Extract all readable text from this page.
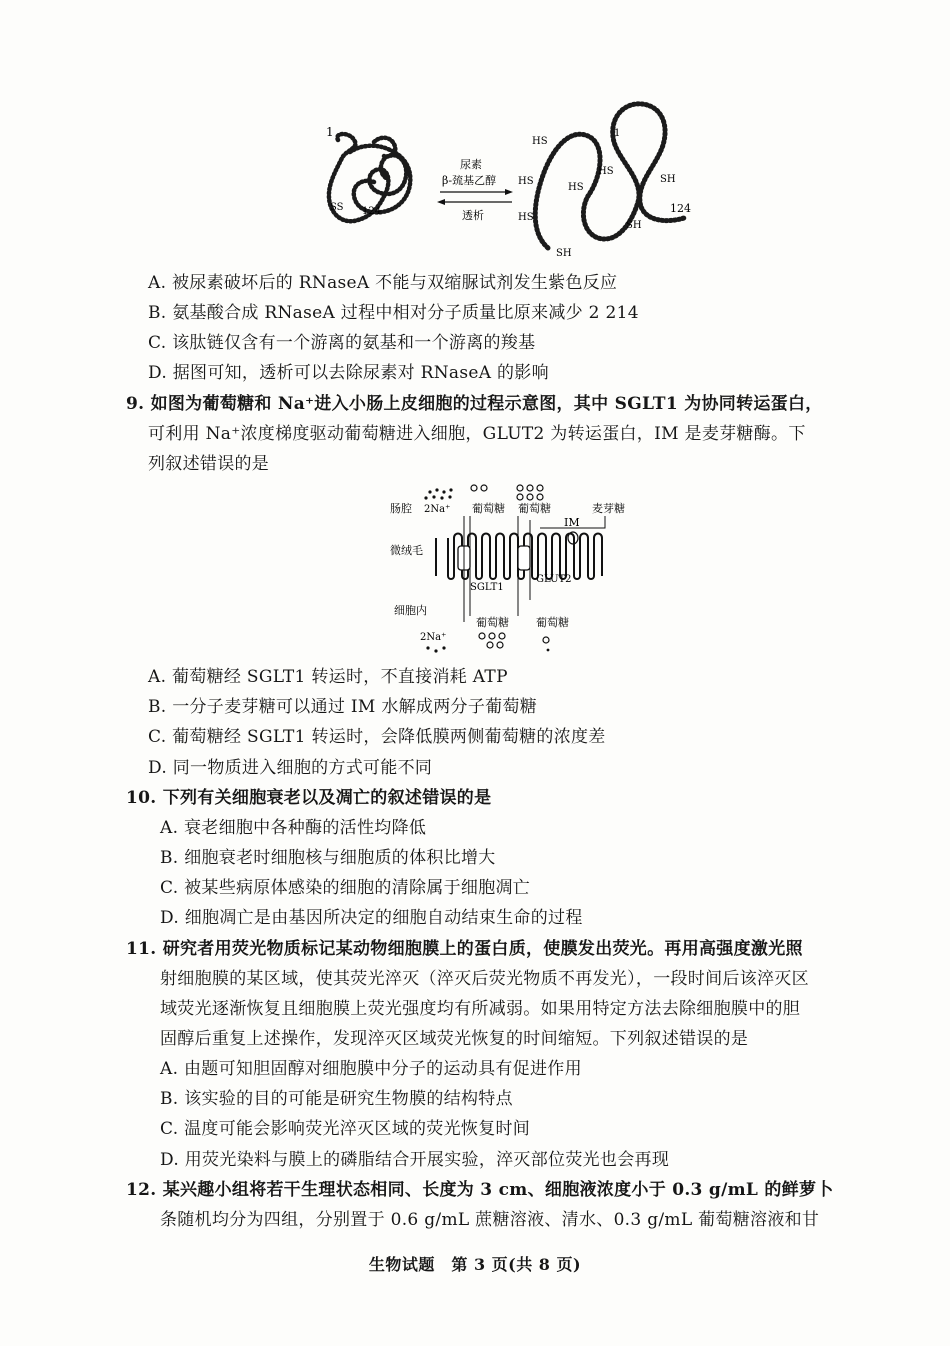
1
SS 124
尿素
β-巯基乙醇
透析
HS
HS
HS
HS
HS
SH
SH
SH
1
124
A. 被尿素破坏后的 RNaseA 不能与双缩脲试剂发生紫色反应
B. 氨基酸合成 RNaseA 过程中相对分子质量比原来减少 2 214
C. 该肽链仅含有一个游离的氨基和一个游离的羧基
D. 据图可知，透析可以去除尿素对 RNaseA 的影响
9. 如图为葡萄糖和 Na⁺进入小肠上皮细胞的过程示意图，其中 SGLT1 为协同转运蛋白，
可利用 Na⁺浓度梯度驱动葡萄糖进入细胞，GLUT2 为转运蛋白，IM 是麦芽糖酶。下
列叙述错误的是
肠腔 2Na⁺ 葡萄糖 葡萄糖	麦芽糖
IM
微绒毛
SGLT1
GLUT2
细胞内
2Na⁺
葡萄糖 葡萄糖
A. 葡萄糖经 SGLT1 转运时，不直接消耗 ATP
B. 一分子麦芽糖可以通过 IM 水解成两分子葡萄糖
C. 葡萄糖经 SGLT1 转运时，会降低膜两侧葡萄糖的浓度差
D. 同一物质进入细胞的方式可能不同
10. 下列有关细胞衰老以及凋亡的叙述错误的是
A. 衰老细胞中各种酶的活性均降低
B. 细胞衰老时细胞核与细胞质的体积比增大
C. 被某些病原体感染的细胞的清除属于细胞凋亡
D. 细胞凋亡是由基因所决定的细胞自动结束生命的过程
11. 研究者用荧光物质标记某动物细胞膜上的蛋白质，使膜发出荧光。再用高强度激光照
射细胞膜的某区域，使其荧光淬灭（淬灭后荧光物质不再发光），一段时间后该淬灭区
域荧光逐渐恢复且细胞膜上荧光强度均有所减弱。如果用特定方法去除细胞膜中的胆
固醇后重复上述操作，发现淬灭区域荧光恢复的时间缩短。下列叙述错误的是
A. 由题可知胆固醇对细胞膜中分子的运动具有促进作用
B. 该实验的目的可能是研究生物膜的结构特点
C. 温度可能会影响荧光淬灭区域的荧光恢复时间
D. 用荧光染料与膜上的磷脂结合开展实验，淬灭部位荧光也会再现
12. 某兴趣小组将若干生理状态相同、长度为 3 cm、细胞液浓度小于 0.3 g/mL 的鲜萝卜
条随机均分为四组，分别置于 0.6 g/mL 蔗糖溶液、清水、0.3 g/mL 葡萄糖溶液和甘
生物试题　第 3 页(共 8 页)
